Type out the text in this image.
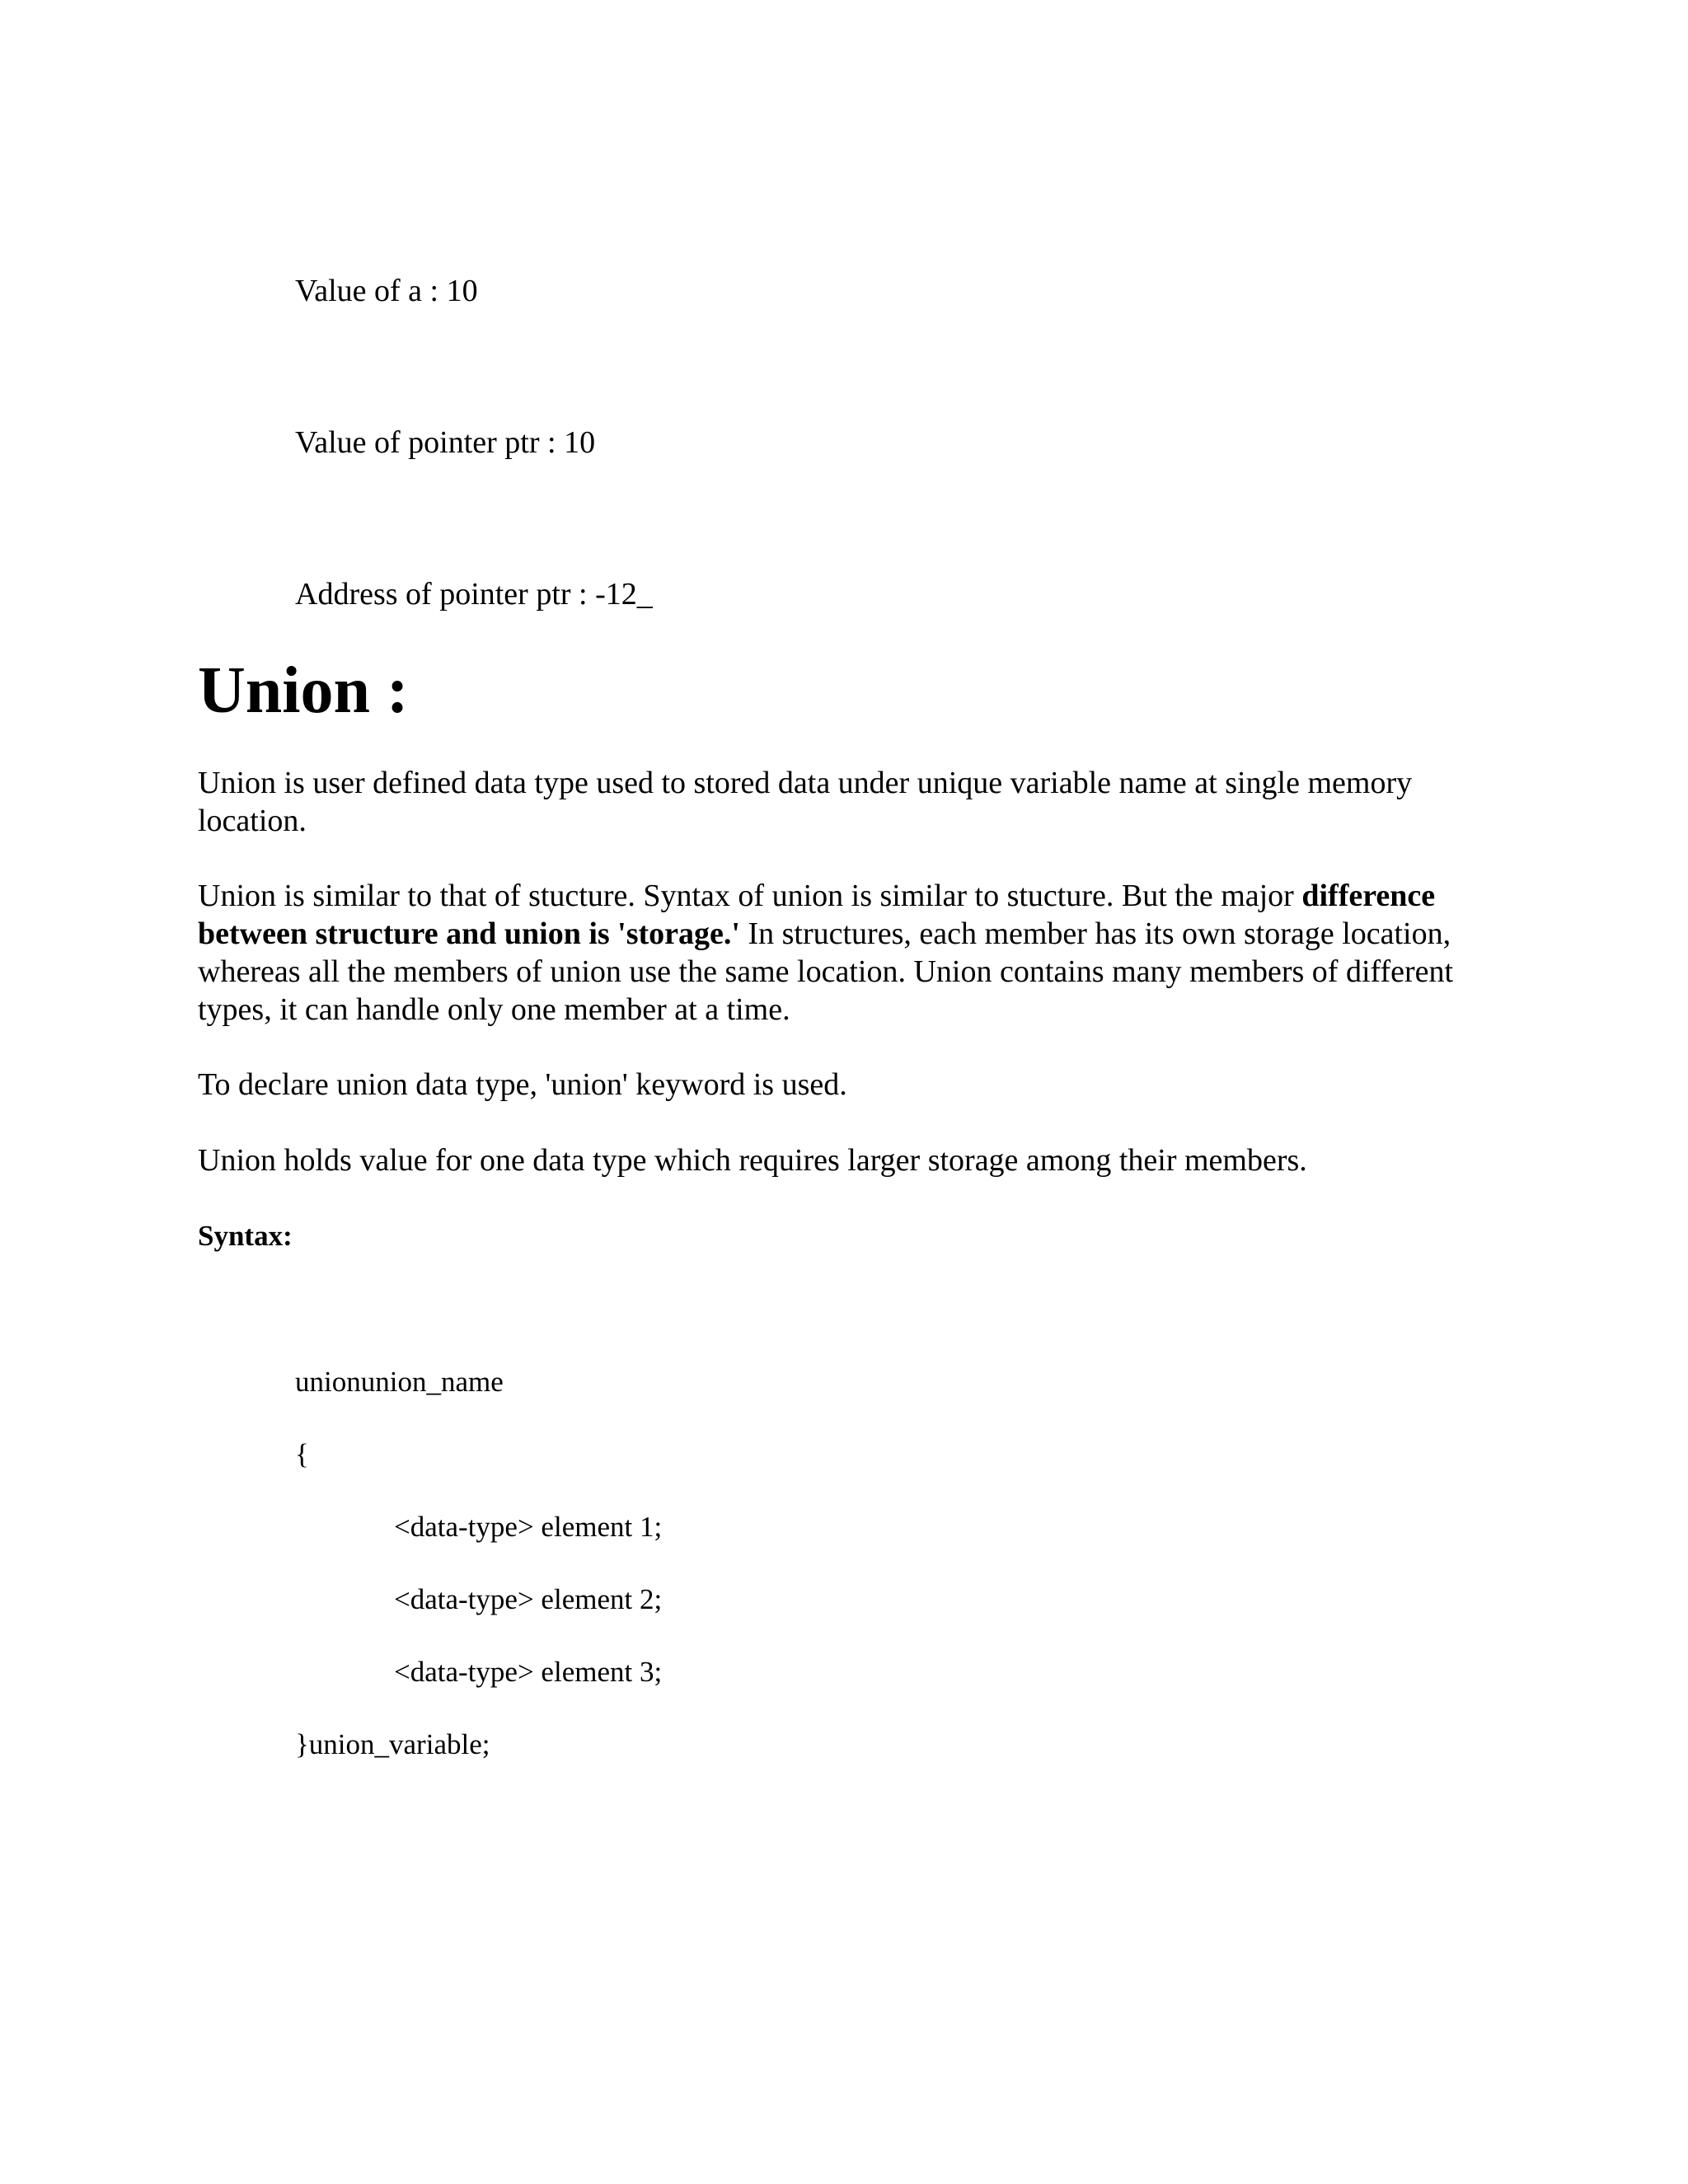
Value of a : 10

Value of pointer ptr : 10

Address of pointer ptr : -12_

Union :

Union is user defined data type used to stored data under unique variable name at single memory location.

Union is similar to that of stucture. Syntax of union is similar to stucture. But the major difference between structure and union is 'storage.' In structures, each member has its own storage location, whereas all the members of union use the same location. Union contains many members of different types, it can handle only one member at a time.

To declare union data type, 'union' keyword is used.

Union holds value for one data type which requires larger storage among their members.

Syntax:

unionunion_name

{

<data-type> element 1;

<data-type> element 2;

<data-type> element 3;

}union_variable;
